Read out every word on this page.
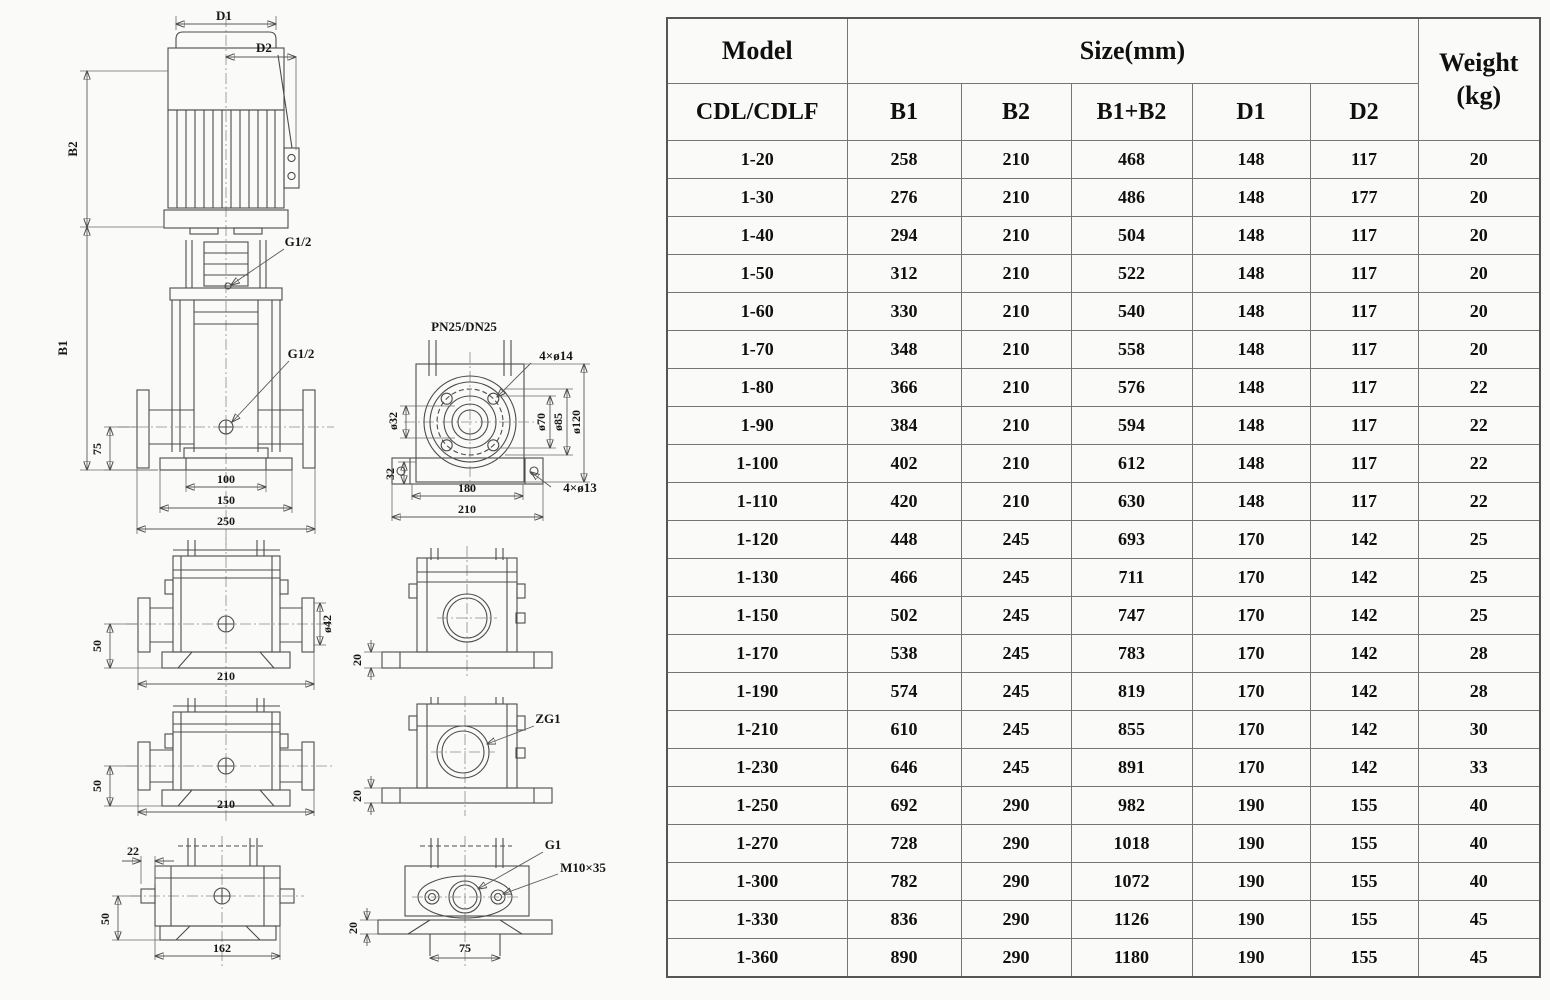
D1
D2
B2
B1
G1/2
G1/2
75
100
150
250
PN25/DN25
4×ø14
ø32
32
ø70 ø85 ø120
180
210
4×ø13
ø42
50
210
50
210
22
50
162
20
ZG1
20
G1
M10×35
75
20
Model	Size(mm)					Weight
(kg)

CDL/CDLF	B1	B2	B1+B2	D1	D2	
1-20	258	210	468	148	117	20
1-30	276	210	486	148	177	20
1-40	294	210	504	148	117	20
1-50	312	210	522	148	117	20
1-60	330	210	540	148	117	20
1-70	348	210	558	148	117	20
1-80	366	210	576	148	117	22
1-90	384	210	594	148	117	22
1-100	402	210	612	148	117	22
1-110	420	210	630	148	117	22
1-120	448	245	693	170	142	25
1-130	466	245	711	170	142	25
1-150	502	245	747	170	142	25
1-170	538	245	783	170	142	28
1-190	574	245	819	170	142	28
1-210	610	245	855	170	142	30
1-230	646	245	891	170	142	33
1-250	692	290	982	190	155	40
1-270	728	290	1018	190	155	40
1-300	782	290	1072	190	155	40
1-330	836	290	1126	190	155	45
1-360	890	290	1180	190	155	45
